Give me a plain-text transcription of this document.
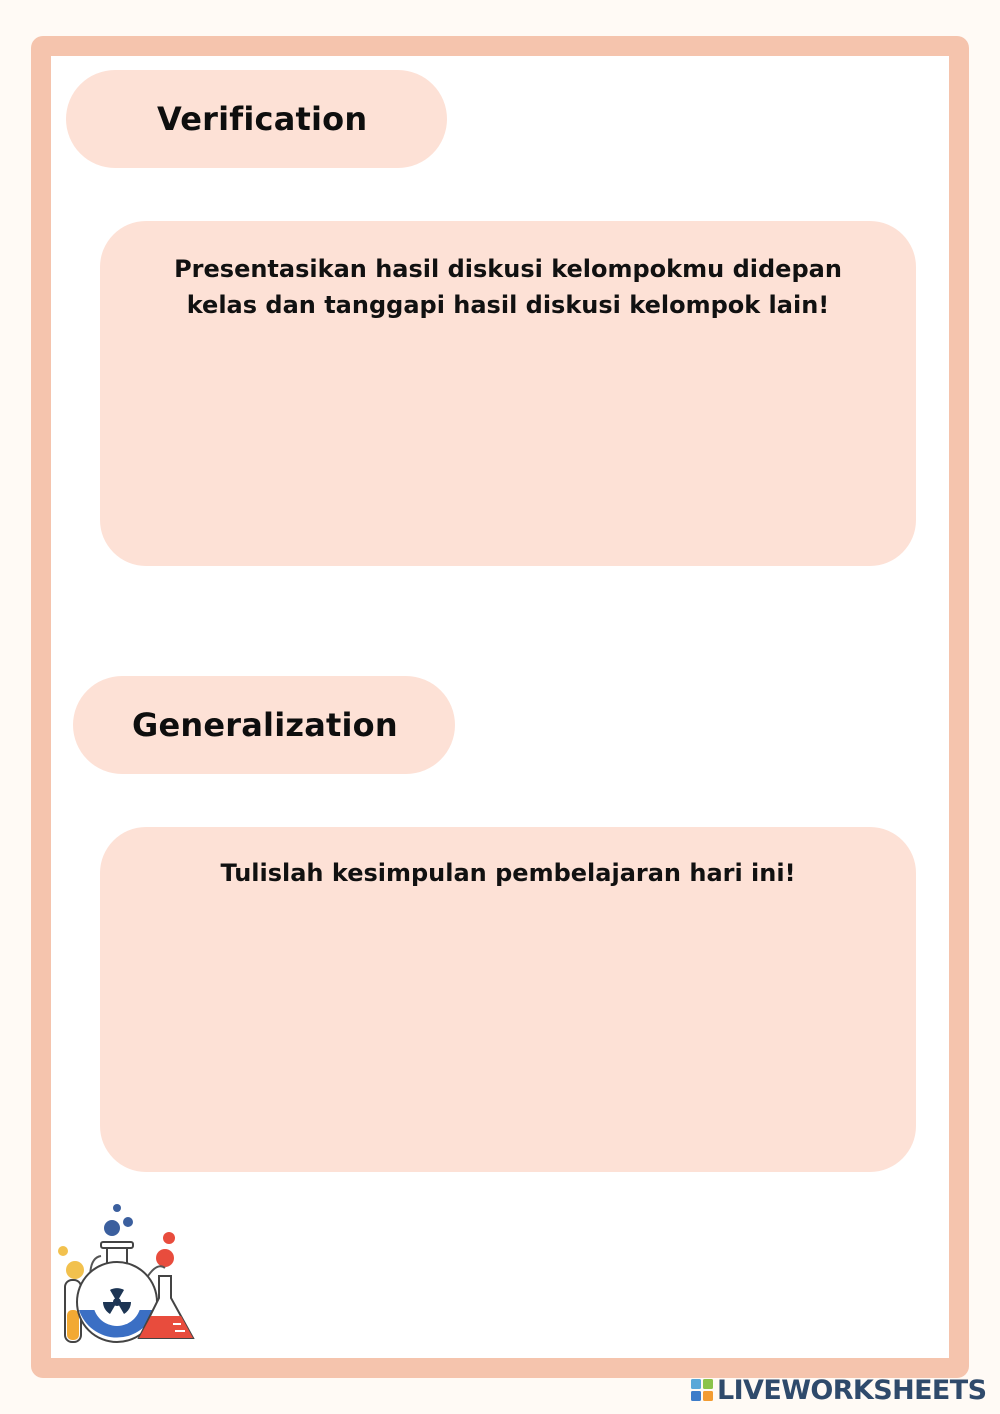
Verification

Presentasikan hasil diskusi kelompokmu didepan kelas dan tanggapi hasil diskusi kelompok lain!

Generalization

Tulislah kesimpulan pembelajaran hari ini!

LIVEWORKSHEETS
